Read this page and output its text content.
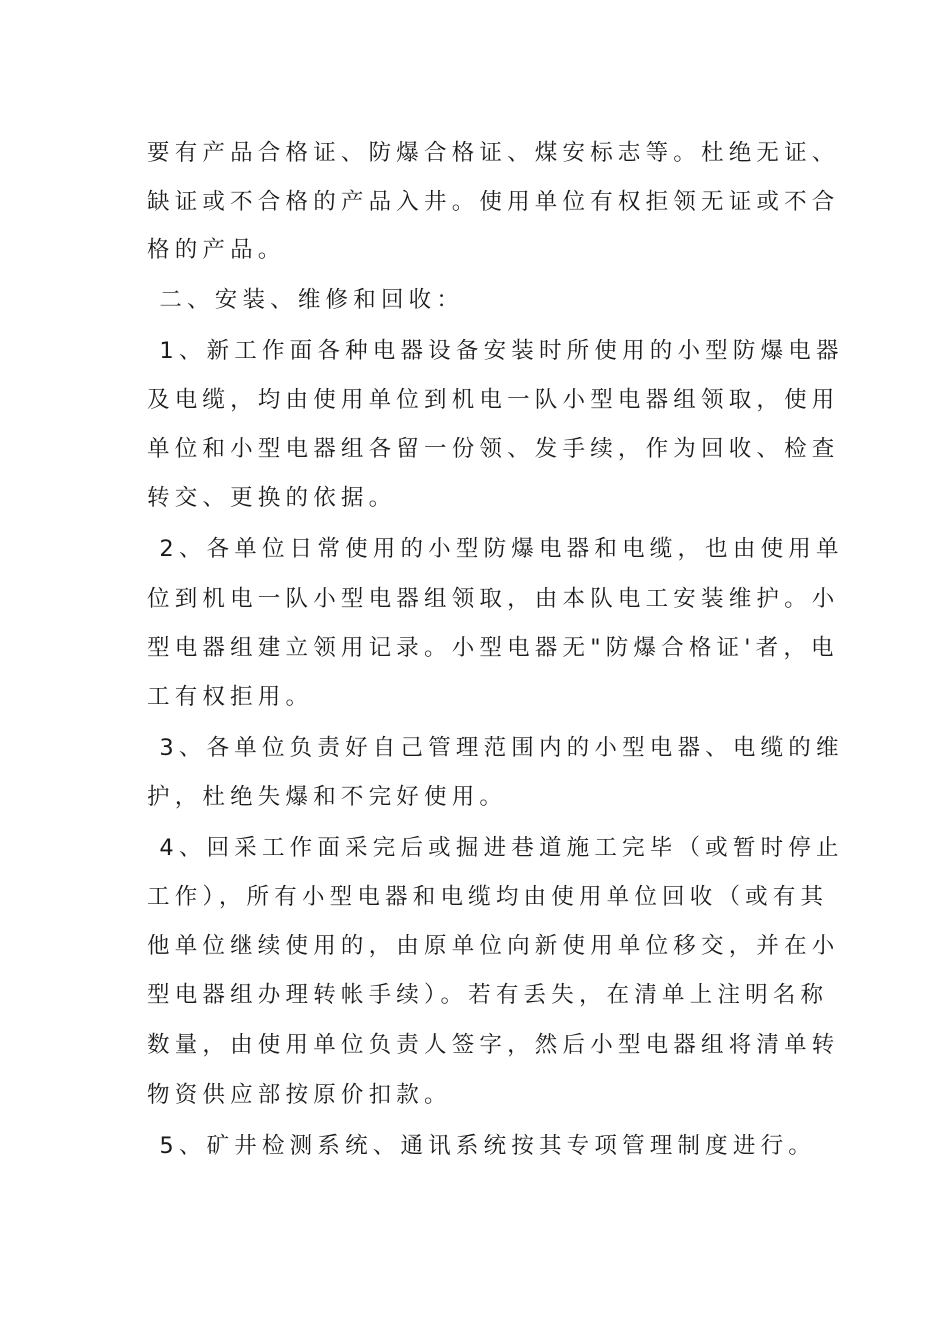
要有产品合格证、防爆合格证、煤安标志等。杜绝无证、
缺证或不合格的产品入井。使用单位有权拒领无证或不合
格的产品。
二、安装、维修和回收：
1、新工作面各种电器设备安装时所使用的小型防爆电器
及电缆，均由使用单位到机电一队小型电器组领取，使用
单位和小型电器组各留一份领、发手续，作为回收、检查
转交、更换的依据。
2、各单位日常使用的小型防爆电器和电缆，也由使用单
位到机电一队小型电器组领取，由本队电工安装维护。小
型电器组建立领用记录。小型电器无"防爆合格证'者，电
工有权拒用。
3、各单位负责好自己管理范围内的小型电器、电缆的维
护，杜绝失爆和不完好使用。
4、回采工作面采完后或掘进巷道施工完毕（或暂时停止
工作），所有小型电器和电缆均由使用单位回收（或有其
他单位继续使用的，由原单位向新使用单位移交，并在小
型电器组办理转帐手续）。若有丢失，在清单上注明名称
数量，由使用单位负责人签字，然后小型电器组将清单转
物资供应部按原价扣款。
5、矿井检测系统、通讯系统按其专项管理制度进行。
